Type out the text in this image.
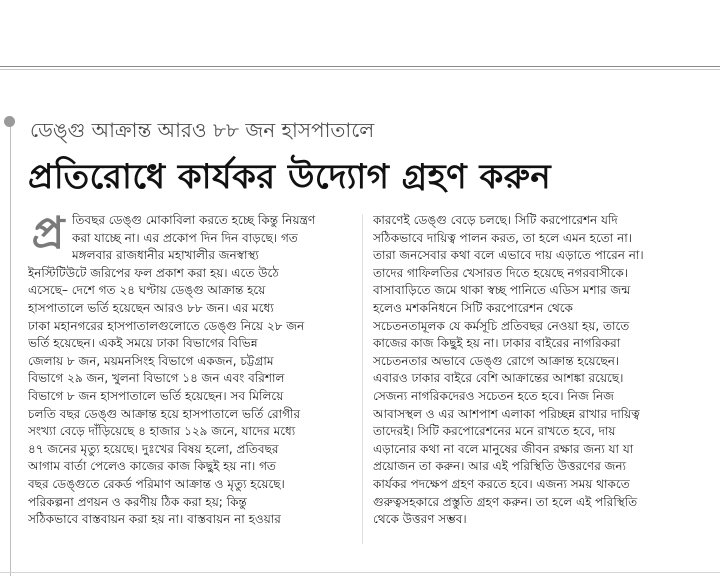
ডেঙ্গু আক্রান্ত আরও ৮৮ জন হাসপাতালে
প্রতিরোধে কার্যকর উদ্যোগ গ্রহণ করুন
প্র তিবছর ডেঙ্গু মোকাবিলা করতে হচ্ছে কিন্তু নিয়ন্ত্রণ
করা যাচ্ছে না। এর প্রকোপ দিন দিন বাড়ছে। গত
মঙ্গলবার রাজধানীর মহাখালীর জনস্বাস্থ্য
ইনস্টিটিউটে জরিপের ফল প্রকাশ করা হয়। এতে উঠে
এসেছে– দেশে গত ২৪ ঘণ্টায় ডেঙ্গু আক্রান্ত হয়ে
হাসপাতালে ভর্তি হয়েছেন আরও ৮৮ জন। এর মধ্যে
ঢাকা মহানগরের হাসপাতালগুলোতে ডেঙ্গু নিয়ে ২৮ জন
ভর্তি হয়েছেন। একই সময়ে ঢাকা বিভাগের বিভিন্ন
জেলায় ৮ জন, ময়মনসিংহ বিভাগে একজন, চট্টগ্রাম
বিভাগে ২৯ জন, খুলনা বিভাগে ১৪ জন এবং বরিশাল
বিভাগে ৮ জন হাসপাতালে ভর্তি হয়েছেন। সব মিলিয়ে
চলতি বছর ডেঙ্গু আক্রান্ত হয়ে হাসপাতালে ভর্তি রোগীর
সংখ্যা বেড়ে দাঁড়িয়েছে ৪ হাজার ১২৯ জনে, যাদের মধ্যে
৪৭ জনের মৃত্যু হয়েছে। দুঃখের বিষয় হলো, প্রতিবছর
আগাম বার্তা পেলেও কাজের কাজ কিছুই হয় না। গত
বছর ডেঙ্গুতে রেকর্ড পরিমাণ আক্রান্ত ও মৃত্যু হয়েছে।
পরিকল্পনা প্রণয়ন ও করণীয় ঠিক করা হয়; কিন্তু
সঠিকভাবে বাস্তবায়ন করা হয় না। বাস্তবায়ন না হওয়ার
কারণেই ডেঙ্গু বেড়ে চলছে। সিটি করপোরেশন যদি
সঠিকভাবে দায়িত্ব পালন করত, তা হলে এমন হতো না।
তারা জনসেবার কথা বলে এভাবে দায় এড়াতে পারেন না।
তাদের গাফিলতির খেসারত দিতে হয়েছে নগরবাসীকে।
বাসাবাড়িতে জমে থাকা স্বচ্ছ পানিতে এডিস মশার জন্ম
হলেও মশকনিধনে সিটি করপোরেশন থেকে
সচেতনতামূলক যে কর্মসূচি প্রতিবছর নেওয়া হয়, তাতে
কাজের কাজ কিছুই হয় না। ঢাকার বাইরের নাগরিকরা
সচেতনতার অভাবে ডেঙ্গু রোগে আক্রান্ত হয়েছেন।
এবারও ঢাকার বাইরে বেশি আক্রান্তের আশঙ্কা রয়েছে।
সেজন্য নাগরিকদেরও সচেতন হতে হবে। নিজ নিজ
আবাসস্থল ও এর আশপাশ এলাকা পরিচ্ছন্ন রাখার দায়িত্ব
তাদেরই। সিটি করপোরেশনের মনে রাখতে হবে, দায়
এড়ানোর কথা না বলে মানুষের জীবন রক্ষার জন্য যা যা
প্রয়োজন তা করুন। আর এই পরিস্থিতি উত্তরণের জন্য
কার্যকর পদক্ষেপ গ্রহণ করতে হবে। এজন্য সময় থাকতে
গুরুত্বসহকারে প্রস্তুতি গ্রহণ করুন। তা হলে এই পরিস্থিতি
থেকে উত্তরণ সম্ভব।
